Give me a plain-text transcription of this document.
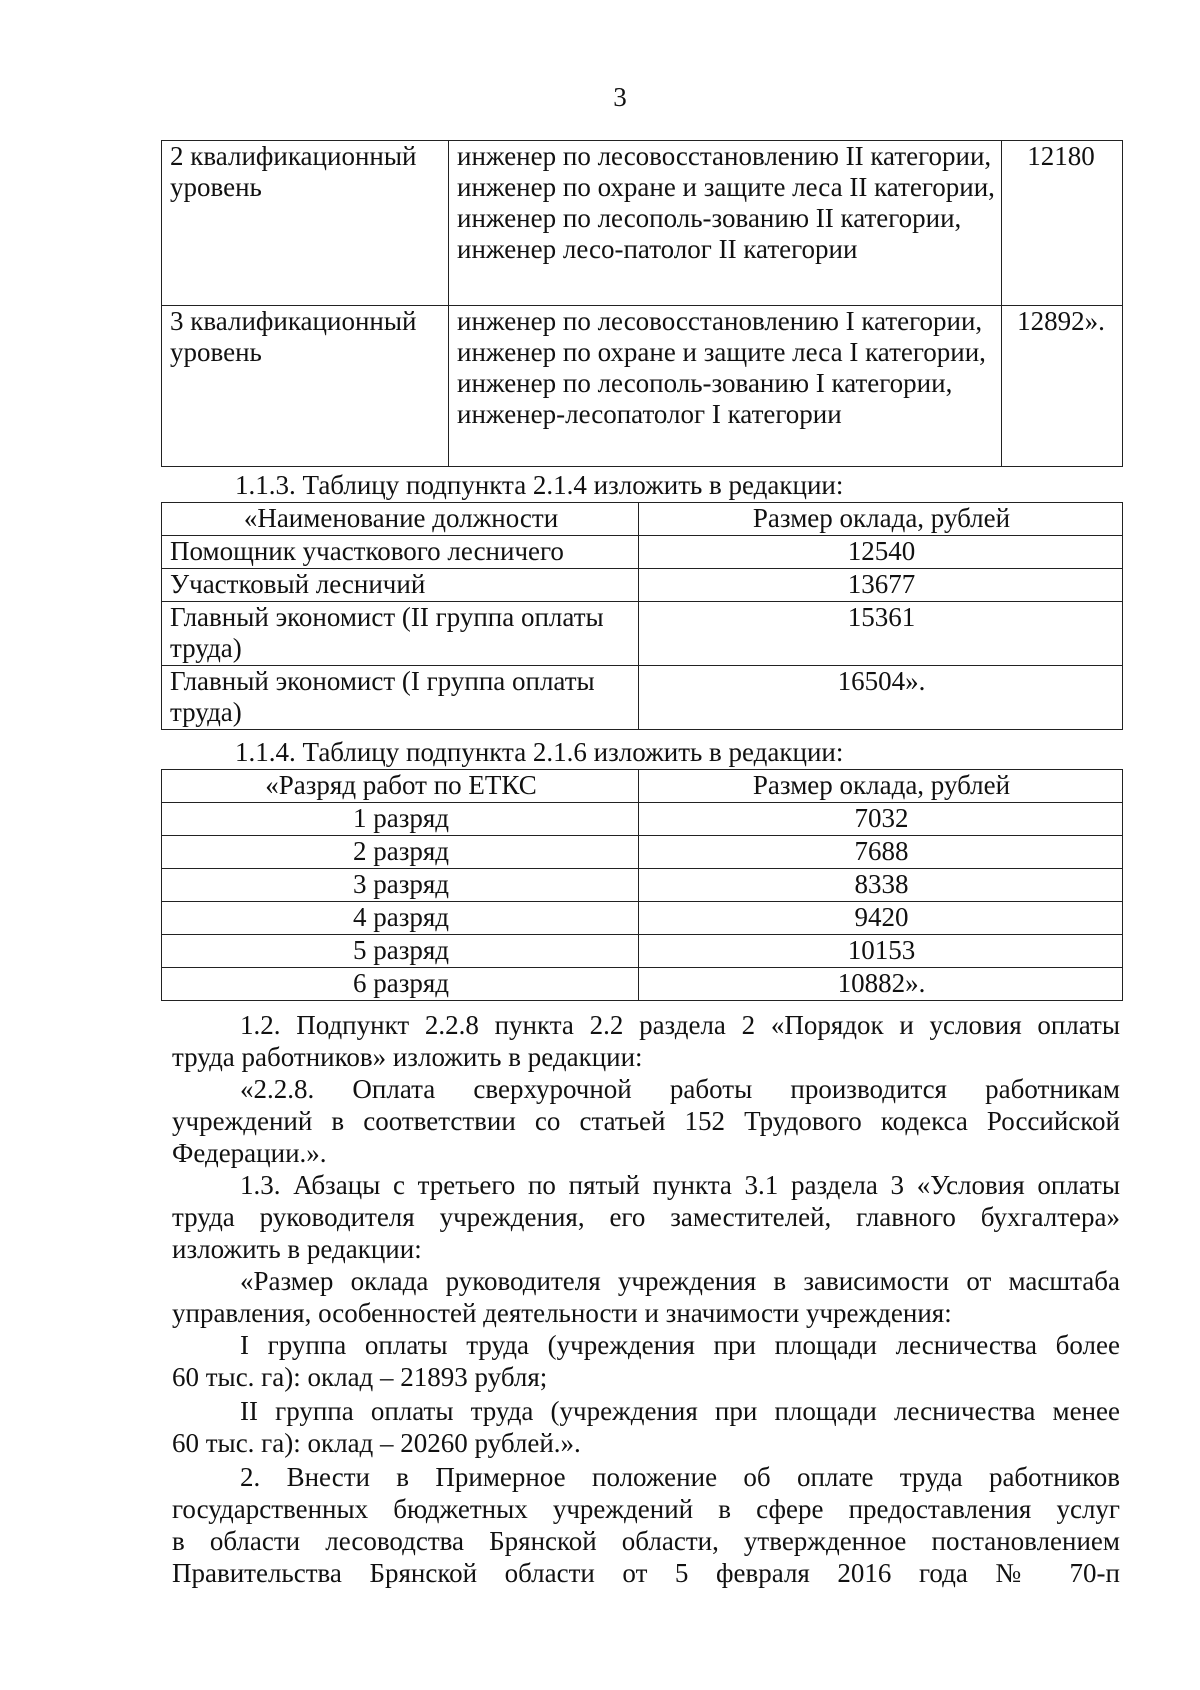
3
2 квалификационный уровень	инженер по лесовосстановлению II категории, инженер по охране и защите леса II категории, инженер по лесополь-зованию II категории, инженер лесо-патолог II категории	12180
3 квалификационный уровень	инженер по лесовосстановлению I категории, инженер по охране и защите леса I категории, инженер по лесополь-зованию I категории, инженер-лесопатолог I категории	12892».
1.1.3. Таблицу подпункта 2.1.4 изложить в редакции:
«Наименование должности	Размер оклада, рублей
Помощник участкового лесничего	12540
Участковый лесничий	13677
Главный экономист (II группа оплаты труда)	15361
Главный экономист (I группа оплаты труда)	16504».
1.1.4. Таблицу подпункта 2.1.6 изложить в редакции:
«Разряд работ по ЕТКС	Размер оклада, рублей
1 разряд	7032
2 разряд	7688
3 разряд	8338
4 разряд	9420
5 разряд	10153
6 разряд	10882».
1.2. Подпункт 2.2.8 пункта 2.2 раздела 2 «Порядок и условия оплаты
труда работников» изложить в редакции:
«2.2.8. Оплата сверхурочной работы производится работникам
учреждений в соответствии со статьей 152 Трудового кодекса Российской
Федерации.».
1.3. Абзацы с третьего по пятый пункта 3.1 раздела 3 «Условия оплаты
труда руководителя учреждения, его заместителей, главного бухгалтера»
изложить в редакции:
«Размер оклада руководителя учреждения в зависимости от масштаба
управления, особенностей деятельности и значимости учреждения:
I группа оплаты труда (учреждения при площади лесничества более
60 тыс. га): оклад – 21893 рубля;
II группа оплаты труда (учреждения при площади лесничества менее
60 тыс. га): оклад – 20260 рублей.».
2. Внести в Примерное положение об оплате труда работников
государственных бюджетных учреждений в сфере предоставления услуг
в области лесоводства Брянской области, утвержденное постановлением
Правительства Брянской области от 5 февраля 2016 года № 70-п
